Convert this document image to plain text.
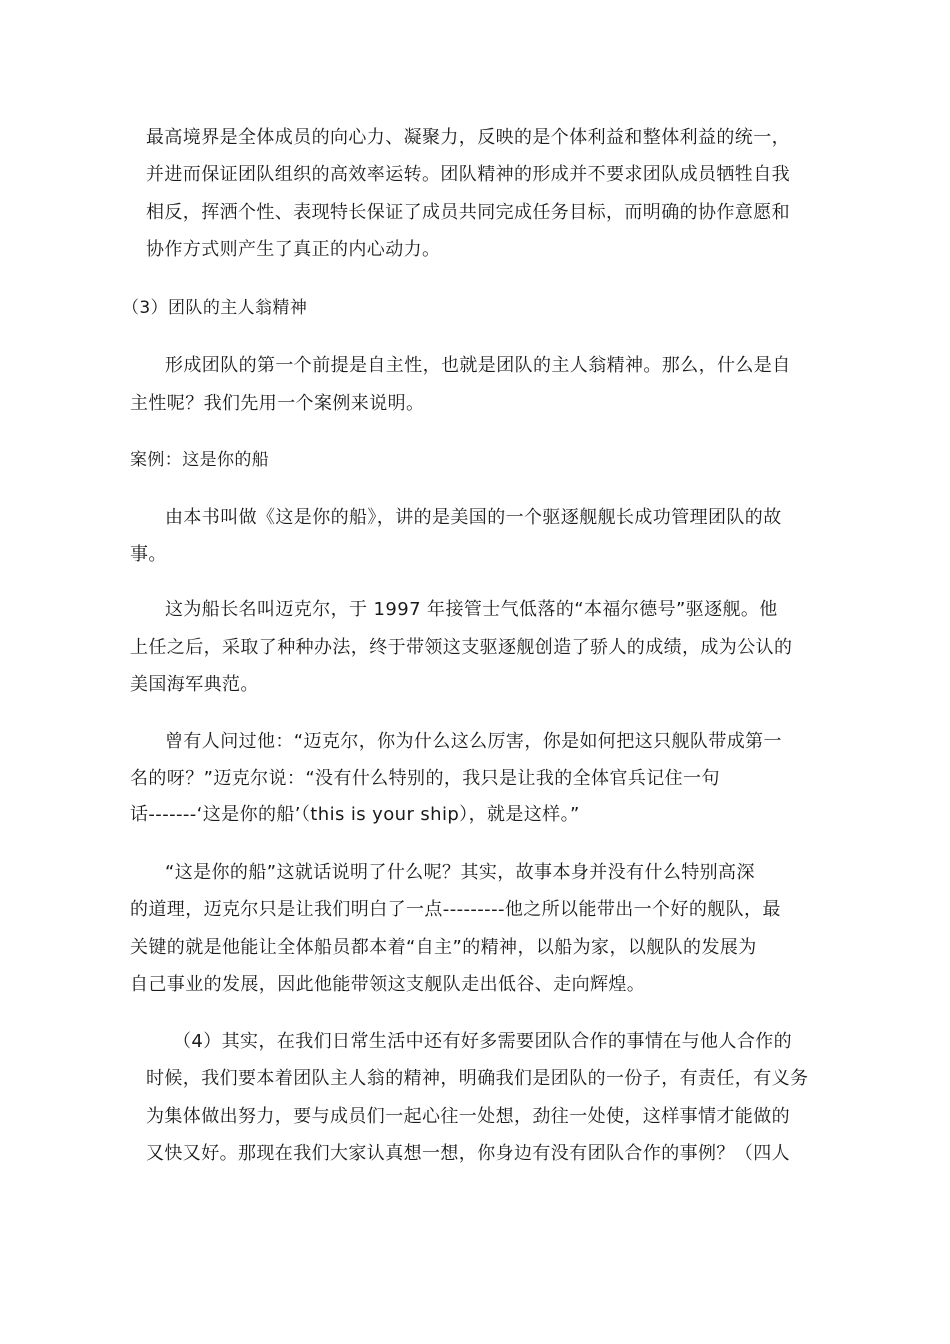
最高境界是全体成员的向心力、凝聚力，反映的是个体利益和整体利益的统一，
并进而保证团队组织的高效率运转。团队精神的形成并不要求团队成员牺牲自我
相反，挥洒个性、表现特长保证了成员共同完成任务目标，而明确的协作意愿和
协作方式则产生了真正的内心动力。
（3）团队的主人翁精神
形成团队的第一个前提是自主性，也就是团队的主人翁精神。那么，什么是自
主性呢？我们先用一个案例来说明。
案例：这是你的船
由本书叫做《这是你的船》，讲的是美国的一个驱逐舰舰长成功管理团队的故
事。
这为船长名叫迈克尔，于 1997 年接管士气低落的“本福尔德号”驱逐舰。他
上任之后，采取了种种办法，终于带领这支驱逐舰创造了骄人的成绩，成为公认的
美国海军典范。
曾有人问过他：“迈克尔，你为什么这么厉害，你是如何把这只舰队带成第一
名的呀？”迈克尔说：“没有什么特别的，我只是让我的全体官兵记住一句
话-------‘这是你的船’（this is your ship），就是这样。”
“这是你的船”这就话说明了什么呢？其实，故事本身并没有什么特别高深
的道理，迈克尔只是让我们明白了一点---------他之所以能带出一个好的舰队，最
关键的就是他能让全体船员都本着“自主”的精神，以船为家，以舰队的发展为
自己事业的发展，因此他能带领这支舰队走出低谷、走向辉煌。
（4）其实，在我们日常生活中还有好多需要团队合作的事情在与他人合作的
时候，我们要本着团队主人翁的精神，明确我们是团队的一份子，有责任，有义务
为集体做出努力，要与成员们一起心往一处想，劲往一处使，这样事情才能做的
又快又好。那现在我们大家认真想一想，你身边有没有团队合作的事例？（四人
